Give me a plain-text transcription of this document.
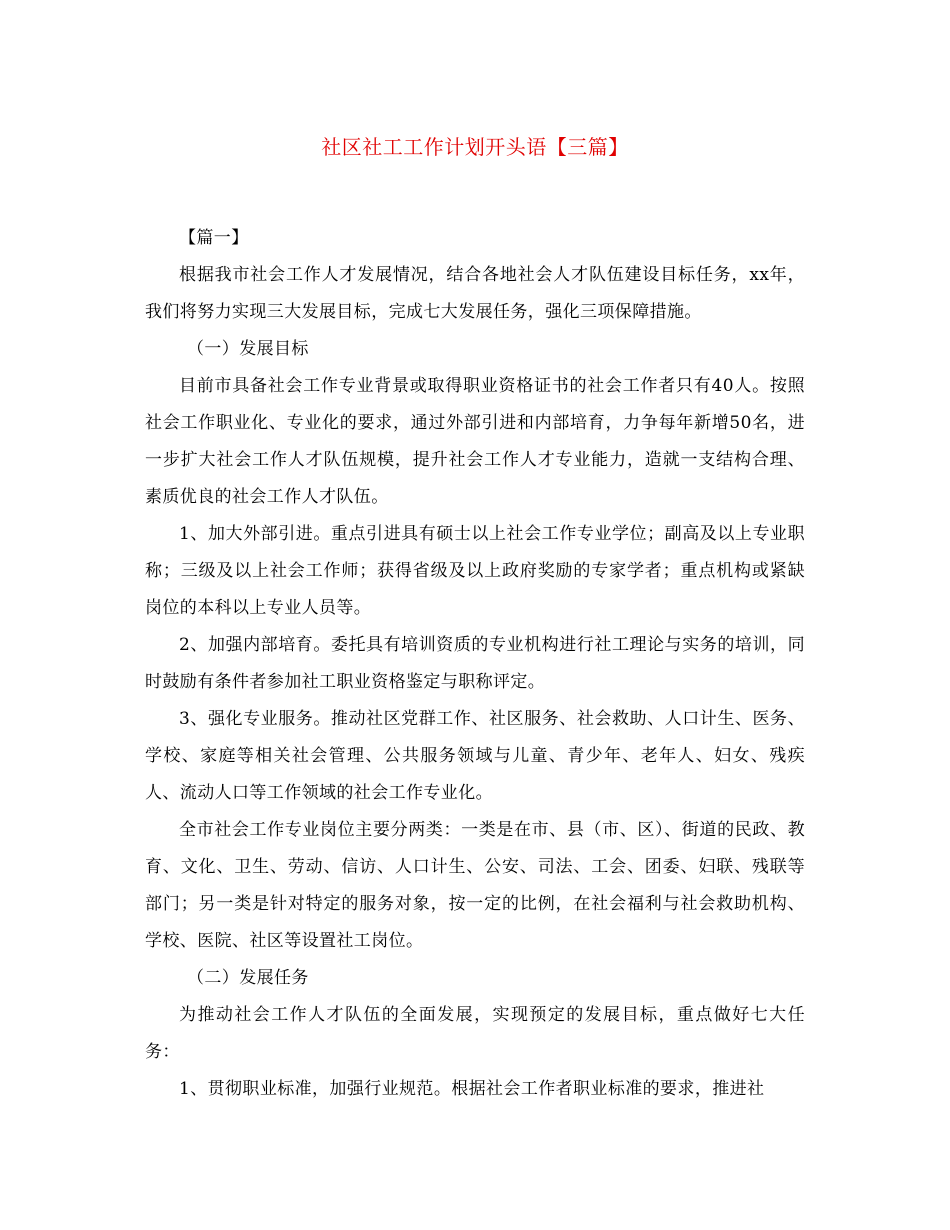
社区社工工作计划开头语【三篇】

【篇一】

根据我市社会工作人才发展情况，结合各地社会人才队伍建设目标任务，xx年，我们将努力实现三大发展目标，完成七大发展任务，强化三项保障措施。

（一）发展目标

目前市具备社会工作专业背景或取得职业资格证书的社会工作者只有40人。按照社会工作职业化、专业化的要求，通过外部引进和内部培育，力争每年新增50名，进一步扩大社会工作人才队伍规模，提升社会工作人才专业能力，造就一支结构合理、素质优良的社会工作人才队伍。

1、加大外部引进。重点引进具有硕士以上社会工作专业学位；副高及以上专业职称；三级及以上社会工作师；获得省级及以上政府奖励的专家学者；重点机构或紧缺岗位的本科以上专业人员等。

2、加强内部培育。委托具有培训资质的专业机构进行社工理论与实务的培训，同时鼓励有条件者参加社工职业资格鉴定与职称评定。

3、强化专业服务。推动社区党群工作、社区服务、社会救助、人口计生、医务、学校、家庭等相关社会管理、公共服务领域与儿童、青少年、老年人、妇女、残疾人、流动人口等工作领域的社会工作专业化。

全市社会工作专业岗位主要分两类：一类是在市、县（市、区）、街道的民政、教育、文化、卫生、劳动、信访、人口计生、公安、司法、工会、团委、妇联、残联等部门；另一类是针对特定的服务对象，按一定的比例，在社会福利与社会救助机构、学校、医院、社区等设置社工岗位。

（二）发展任务

为推动社会工作人才队伍的全面发展，实现预定的发展目标，重点做好七大任务：

1、贯彻职业标准，加强行业规范。根据社会工作者职业标准的要求，推进社
